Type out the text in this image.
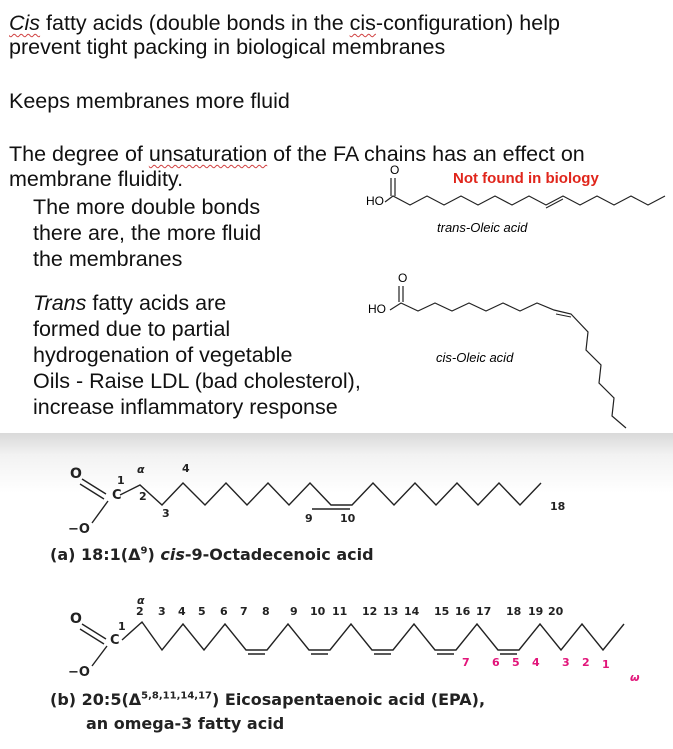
Cis fatty acids (double bonds in the cis-configuration) help
prevent tight packing in biological membranes
Keeps membranes more fluid
The degree of unsaturation of the FA chains has an effect on
membrane fluidity.
The more double bonds
there are, the more fluid
the membranes
Trans fatty acids are
formed due to partial
hydrogenation of vegetable
Oils - Raise LDL (bad cholesterol),
increase inflammatory response
Not found in biology
O
HO
trans-Oleic acid
O
HO
cis-Oleic acid
O
C
−O
1
α
2
4
3	9 10
18
(a) $18:1(\Delta^9)$ cis-9-Octadecenoic acid
O
C
−O
1
α
2 3 4 5 6 7 8 9 10 11 12 13 14 15 16 17 18 19 20
7 6 5 4 3 2 1
ω
(b) $20:5(\Delta^{5,8,11,14,17})$ Eicosapentaenoic acid (EPA),
an omega-3 fatty acid
